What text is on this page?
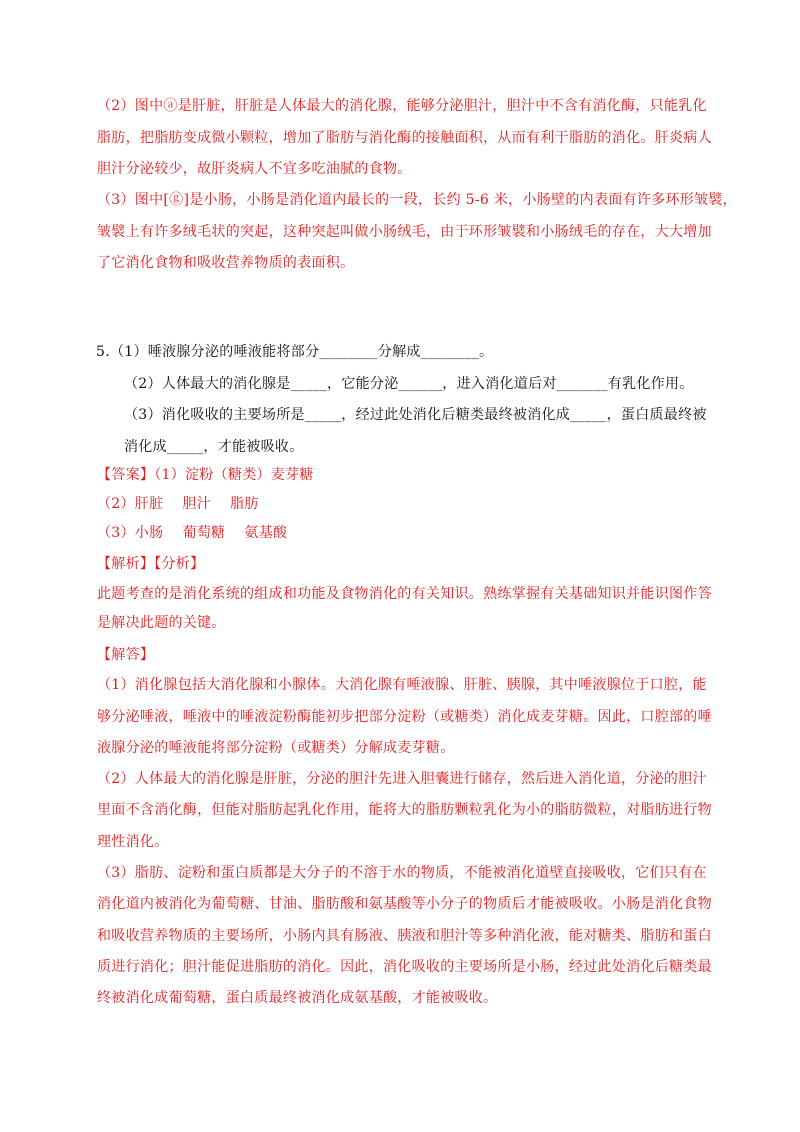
（2）图中ⓐ是肝脏，肝脏是人体最大的消化腺，能够分泌胆汁，胆汁中不含有消化酶，只能乳化
脂肪，把脂肪变成微小颗粒，增加了脂肪与消化酶的接触面积，从而有利于脂肪的消化。肝炎病人
胆汁分泌较少，故肝炎病人不宜多吃油腻的食物。
（3）图中[ⓖ]是小肠，小肠是消化道内最长的一段，长约 5-6 米，小肠壁的内表面有许多环形皱襞，
皱襞上有许多绒毛状的突起，这种突起叫做小肠绒毛，由于环形皱襞和小肠绒毛的存在，大大增加
了它消化食物和吸收营养物质的表面积。
5.（1）唾液腺分泌的唾液能将部分________分解成________。
（2）人体最大的消化腺是_____，它能分泌______，进入消化道后对_______有乳化作用。
（3）消化吸收的主要场所是_____，经过此处消化后糖类最终被消化成_____，蛋白质最终被
消化成_____，才能被吸收。
【答案】（1）淀粉（糖类）麦芽糖
（2）肝脏　 胆汁　 脂肪
（3）小肠　 葡萄糖　 氨基酸
【解析】【分析】
此题考查的是消化系统的组成和功能及食物消化的有关知识。熟练掌握有关基础知识并能识图作答
是解决此题的关键。
【解答】
（1）消化腺包括大消化腺和小腺体。大消化腺有唾液腺、肝脏、胰腺，其中唾液腺位于口腔，能
够分泌唾液，唾液中的唾液淀粉酶能初步把部分淀粉（或糖类）消化成麦芽糖。因此，口腔部的唾
液腺分泌的唾液能将部分淀粉（或糖类）分解成麦芽糖。
（2）人体最大的消化腺是肝脏，分泌的胆汁先进入胆囊进行储存，然后进入消化道，分泌的胆汁
里面不含消化酶，但能对脂肪起乳化作用，能将大的脂肪颗粒乳化为小的脂肪微粒，对脂肪进行物
理性消化。
（3）脂肪、淀粉和蛋白质都是大分子的不溶于水的物质，不能被消化道壁直接吸收，它们只有在
消化道内被消化为葡萄糖、甘油、脂肪酸和氨基酸等小分子的物质后才能被吸收。小肠是消化食物
和吸收营养物质的主要场所，小肠内具有肠液、胰液和胆汁等多种消化液，能对糖类、脂肪和蛋白
质进行消化；胆汁能促进脂肪的消化。因此，消化吸收的主要场所是小肠，经过此处消化后糖类最
终被消化成葡萄糖，蛋白质最终被消化成氨基酸，才能被吸收。
